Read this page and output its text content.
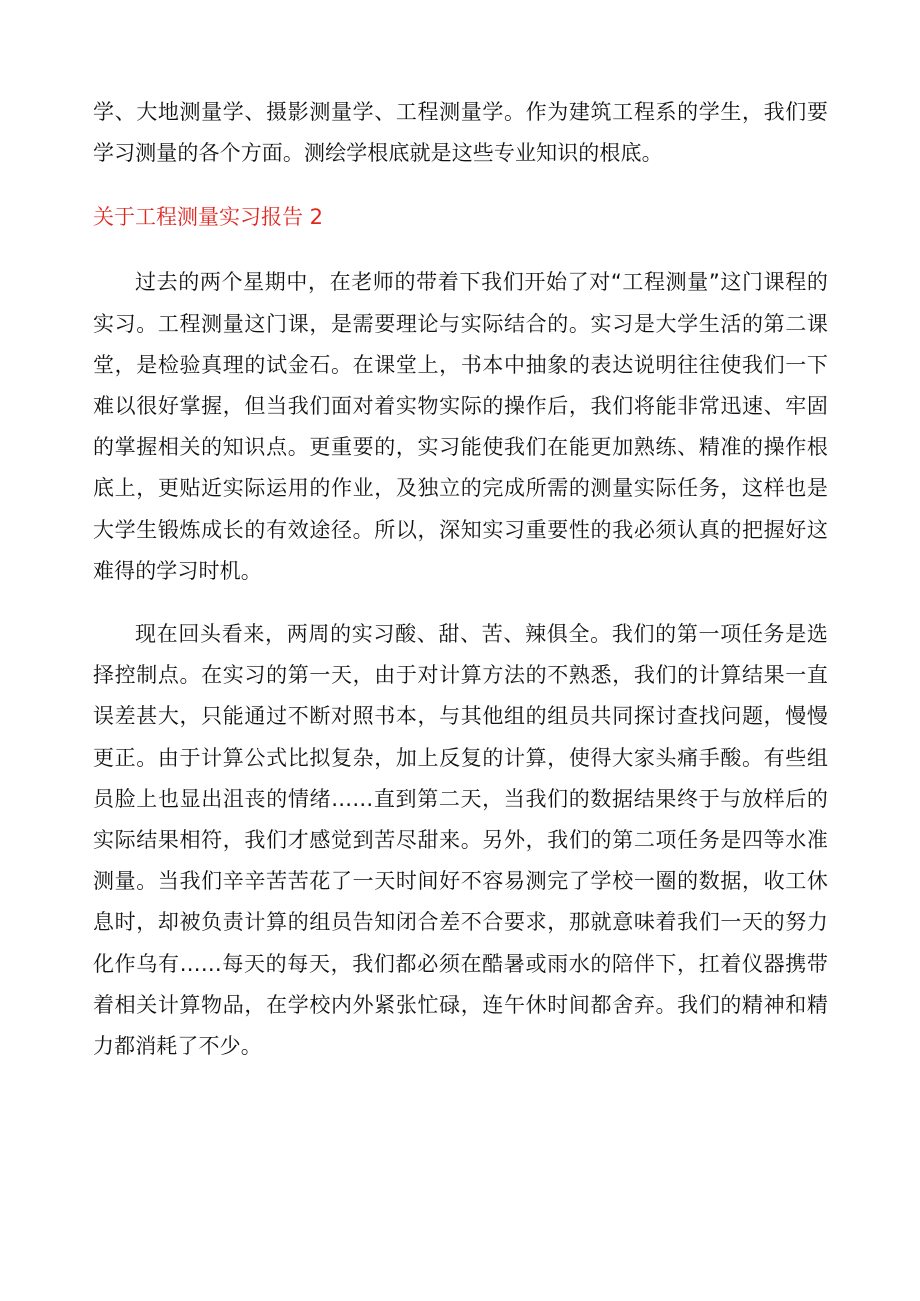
学、大地测量学、摄影测量学、工程测量学。作为建筑工程系的学生，我们要学习测量的各个方面。测绘学根底就是这些专业知识的根底。

关于工程测量实习报告 2

过去的两个星期中，在老师的带着下我们开始了对“工程测量”这门课程的实习。工程测量这门课，是需要理论与实际结合的。实习是大学生活的第二课堂，是检验真理的试金石。在课堂上，书本中抽象的表达说明往往使我们一下难以很好掌握，但当我们面对着实物实际的操作后，我们将能非常迅速、牢固的掌握相关的知识点。更重要的，实习能使我们在能更加熟练、精准的操作根底上，更贴近实际运用的作业，及独立的完成所需的测量实际任务，这样也是大学生锻炼成长的有效途径。所以，深知实习重要性的我必须认真的把握好这难得的学习时机。

现在回头看来，两周的实习酸、甜、苦、辣俱全。我们的第一项任务是选择控制点。在实习的第一天，由于对计算方法的不熟悉，我们的计算结果一直误差甚大，只能通过不断对照书本，与其他组的组员共同探讨查找问题，慢慢更正。由于计算公式比拟复杂，加上反复的计算，使得大家头痛手酸。有些组员脸上也显出沮丧的情绪……直到第二天，当我们的数据结果终于与放样后的实际结果相符，我们才感觉到苦尽甜来。另外，我们的第二项任务是四等水准测量。当我们辛辛苦苦花了一天时间好不容易测完了学校一圈的数据，收工休息时，却被负责计算的组员告知闭合差不合要求，那就意味着我们一天的努力化作乌有……每天的每天，我们都必须在酷暑或雨水的陪伴下，扛着仪器携带着相关计算物品，在学校内外紧张忙碌，连午休时间都舍弃。我们的精神和精力都消耗了不少。
